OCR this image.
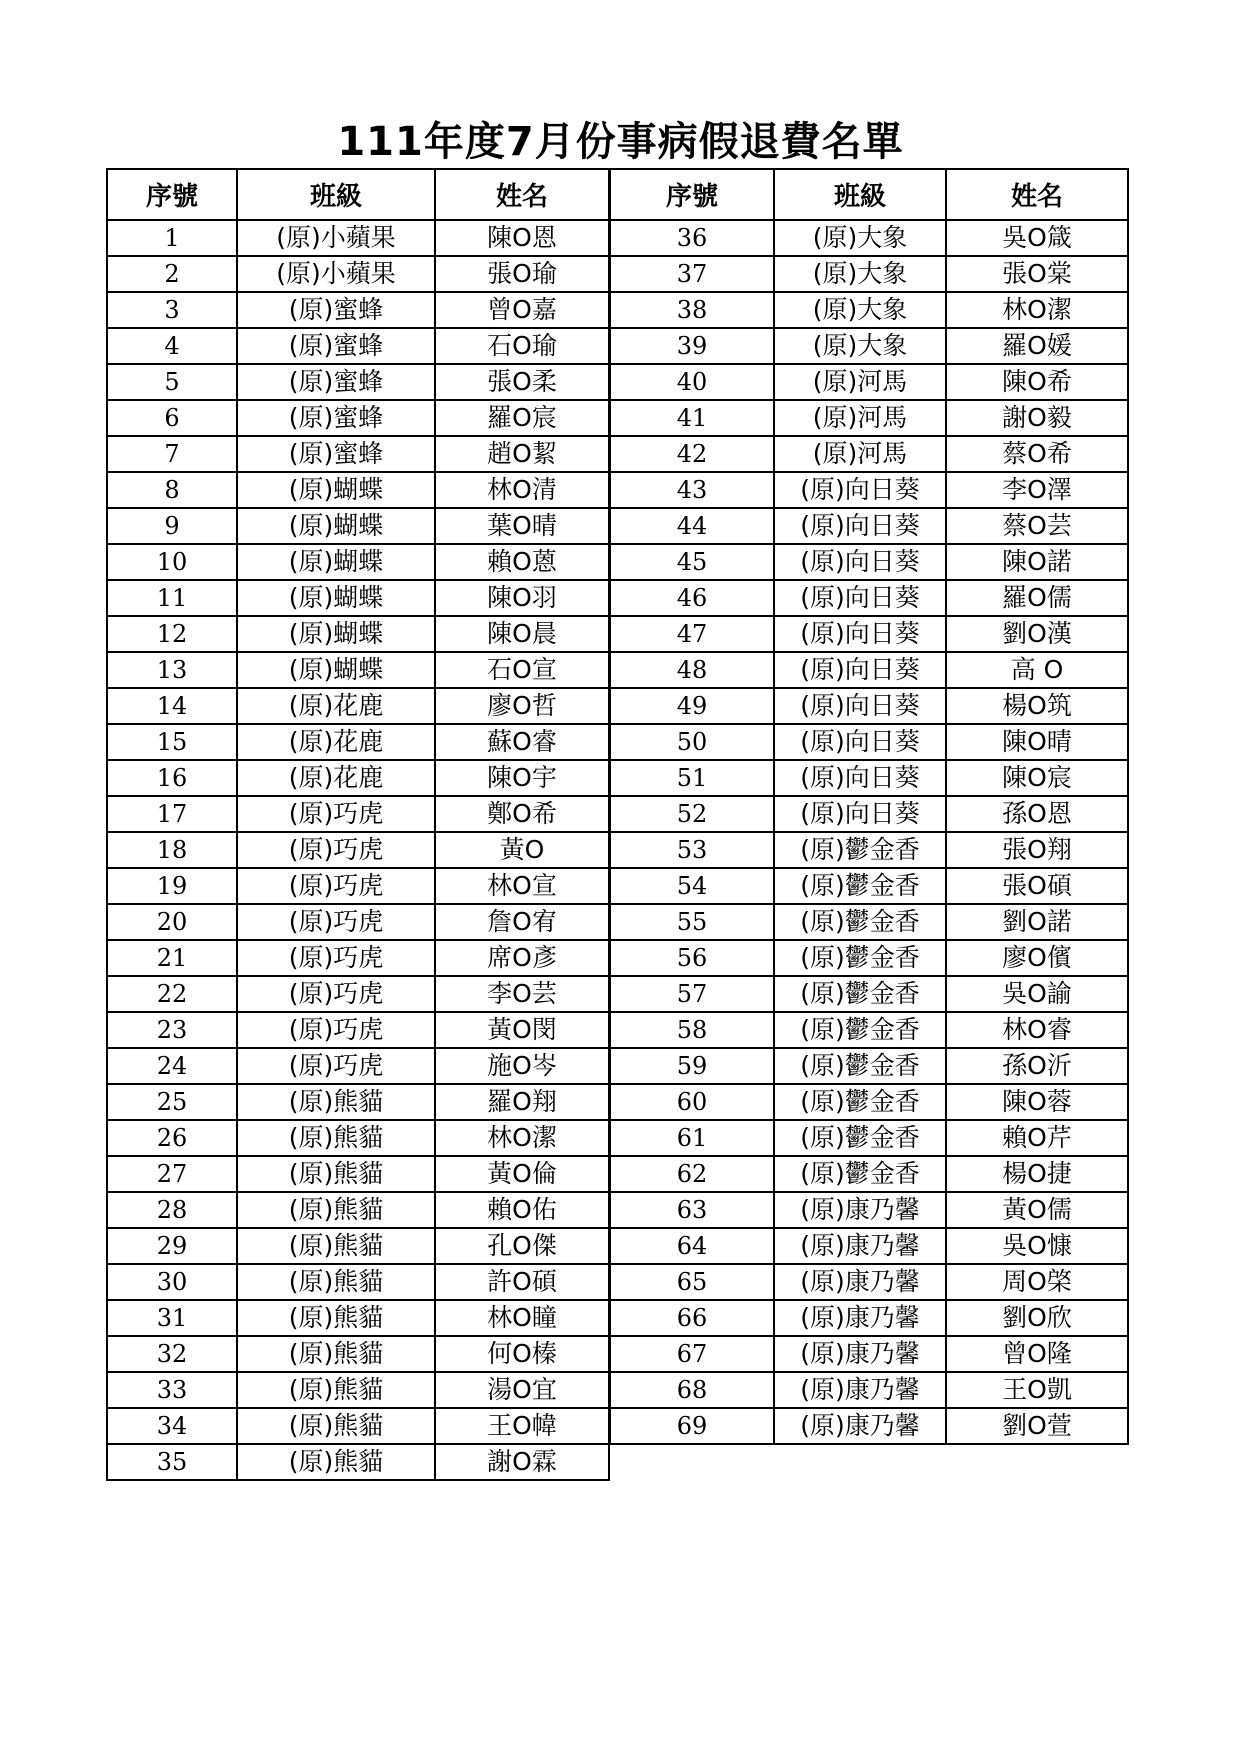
111年度7月份事病假退費名單
序號	班級	姓名
1	(原)小蘋果	陳O恩
2	(原)小蘋果	張O瑜
3	(原)蜜蜂	曾O嘉
4	(原)蜜蜂	石O瑜
5	(原)蜜蜂	張O柔
6	(原)蜜蜂	羅O宸
7	(原)蜜蜂	趙O絜
8	(原)蝴蝶	林O清
9	(原)蝴蝶	葉O晴
10	(原)蝴蝶	賴O蒽
11	(原)蝴蝶	陳O羽
12	(原)蝴蝶	陳O晨
13	(原)蝴蝶	石O宣
14	(原)花鹿	廖O哲
15	(原)花鹿	蘇O睿
16	(原)花鹿	陳O宇
17	(原)巧虎	鄭O希
18	(原)巧虎	黃O
19	(原)巧虎	林O宣
20	(原)巧虎	詹O宥
21	(原)巧虎	席O彥
22	(原)巧虎	李O芸
23	(原)巧虎	黃O閔
24	(原)巧虎	施O岑
25	(原)熊貓	羅O翔
26	(原)熊貓	林O潔
27	(原)熊貓	黃O倫
28	(原)熊貓	賴O佑
29	(原)熊貓	孔O傑
30	(原)熊貓	許O碩
31	(原)熊貓	林O瞳
32	(原)熊貓	何O榛
33	(原)熊貓	湯O宜
34	(原)熊貓	王O幃
35	(原)熊貓	謝O霖
序號	班級	姓名
36	(原)大象	吳O箴
37	(原)大象	張O棠
38	(原)大象	林O潔
39	(原)大象	羅O媛
40	(原)河馬	陳O希
41	(原)河馬	謝O毅
42	(原)河馬	蔡O希
43	(原)向日葵	李O澤
44	(原)向日葵	蔡O芸
45	(原)向日葵	陳O諾
46	(原)向日葵	羅O儒
47	(原)向日葵	劉O漢
48	(原)向日葵	高 O
49	(原)向日葵	楊O筑
50	(原)向日葵	陳O晴
51	(原)向日葵	陳O宸
52	(原)向日葵	孫O恩
53	(原)鬱金香	張O翔
54	(原)鬱金香	張O碩
55	(原)鬱金香	劉O諾
56	(原)鬱金香	廖O儐
57	(原)鬱金香	吳O諭
58	(原)鬱金香	林O睿
59	(原)鬱金香	孫O沂
60	(原)鬱金香	陳O蓉
61	(原)鬱金香	賴O芹
62	(原)鬱金香	楊O捷
63	(原)康乃馨	黃O儒
64	(原)康乃馨	吳O慷
65	(原)康乃馨	周O棨
66	(原)康乃馨	劉O欣
67	(原)康乃馨	曾O隆
68	(原)康乃馨	王O凱
69	(原)康乃馨	劉O萱
